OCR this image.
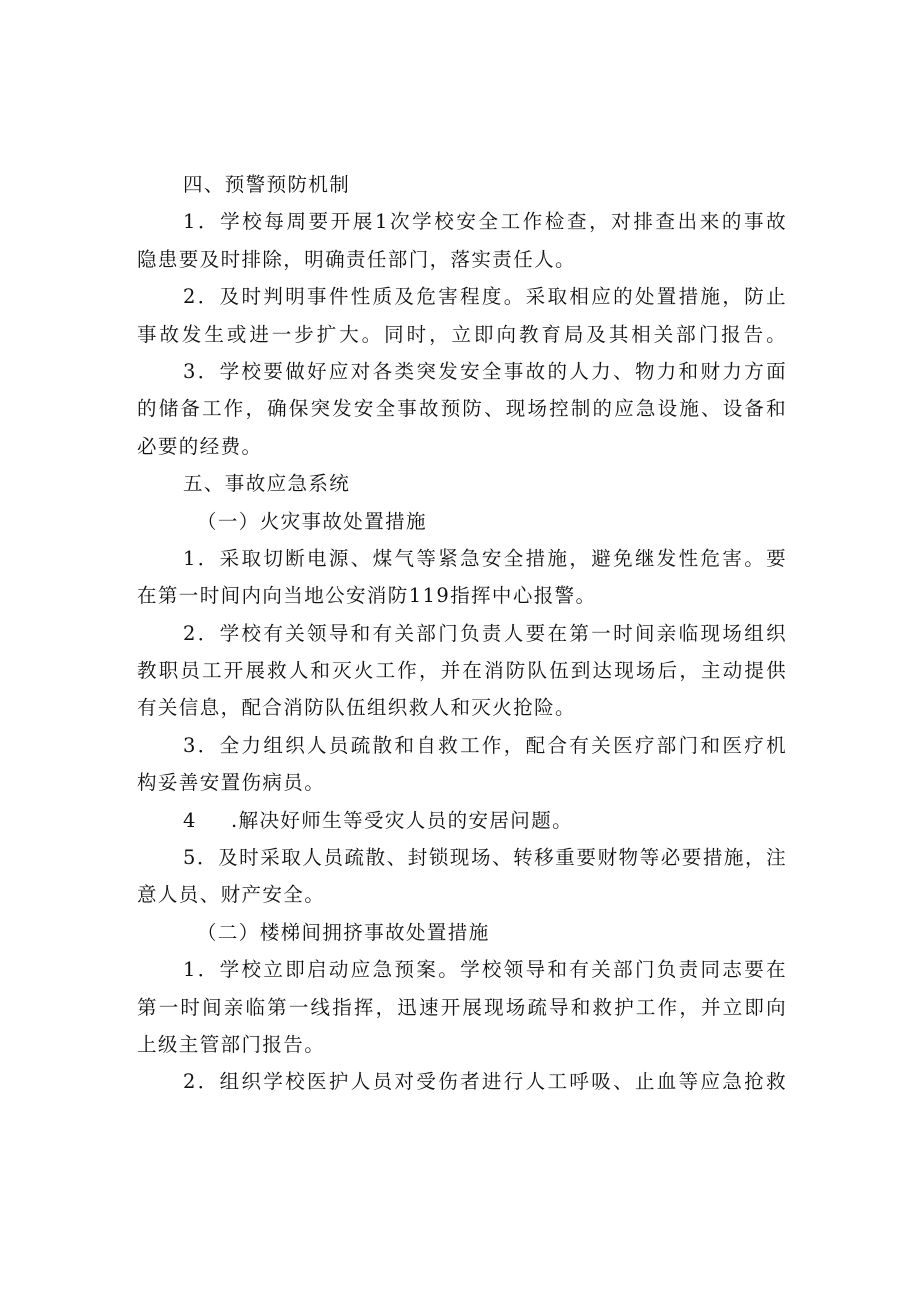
四、预警预防机制
1．学校每周要开展1次学校安全工作检查，对排查出来的事故
隐患要及时排除，明确责任部门，落实责任人。
2．及时判明事件性质及危害程度。采取相应的处置措施，防止
事故发生或进一步扩大。同时，立即向教育局及其相关部门报告。
3．学校要做好应对各类突发安全事故的人力、物力和财力方面
的储备工作，确保突发安全事故预防、现场控制的应急设施、设备和
必要的经费。
五、事故应急系统
（一）火灾事故处置措施
1．采取切断电源、煤气等紧急安全措施，避免继发性危害。要
在第一时间内向当地公安消防119指挥中心报警。
2．学校有关领导和有关部门负责人要在第一时间亲临现场组织
教职员工开展救人和灭火工作，并在消防队伍到达现场后，主动提供
有关信息，配合消防队伍组织救人和灭火抢险。
3．全力组织人员疏散和自救工作，配合有关医疗部门和医疗机
构妥善安置伤病员。
4 .解决好师生等受灾人员的安居问题。
5．及时采取人员疏散、封锁现场、转移重要财物等必要措施，注
意人员、财产安全。
（二）楼梯间拥挤事故处置措施
1．学校立即启动应急预案。学校领导和有关部门负责同志要在
第一时间亲临第一线指挥，迅速开展现场疏导和救护工作，并立即向
上级主管部门报告。
2．组织学校医护人员对受伤者进行人工呼吸、止血等应急抢救
